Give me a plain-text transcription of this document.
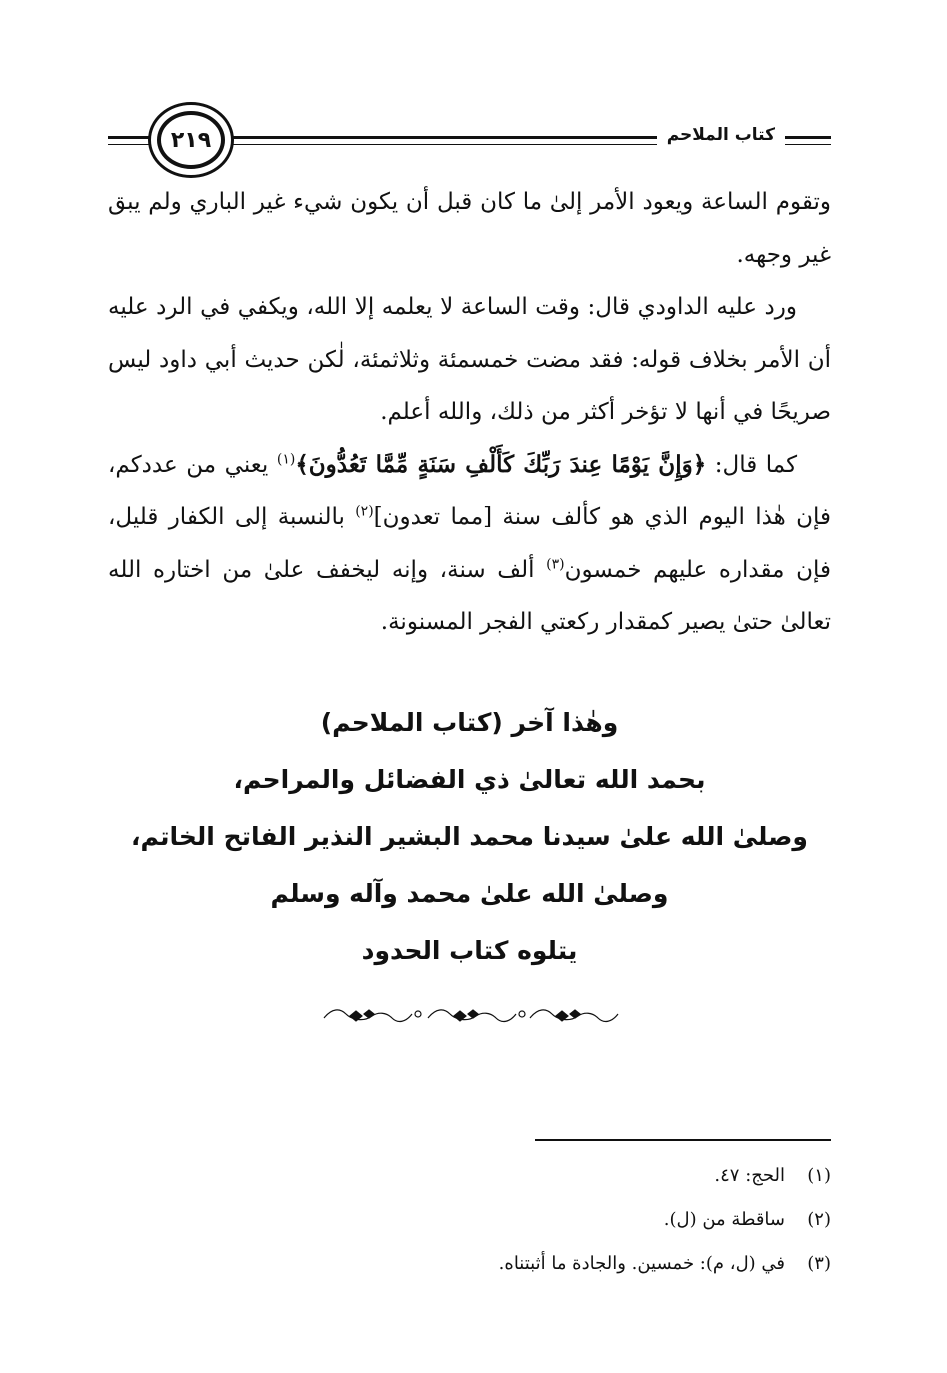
كتاب الملاحم
٢١٩

وتقوم الساعة ويعود الأمر إلىٰ ما كان قبل أن يكون شيء غير الباري ولم يبق غير وجهه.

ورد عليه الداودي قال: وقت الساعة لا يعلمه إلا الله، ويكفي في الرد عليه أن الأمر بخلاف قوله: فقد مضت خمسمئة وثلاثمئة، لٰكن حديث أبي داود ليس صريحًا في أنها لا تؤخر أكثر من ذلك، والله أعلم.

كما قال: ﴿وَإِنَّ يَوْمًا عِندَ رَبِّكَ كَأَلْفِ سَنَةٍ مِّمَّا تَعُدُّونَ﴾$^{(١)}$ يعني من عددكم، فإن هٰذا اليوم الذي هو كألف سنة [مما تعدون]$^{(٢)}$ بالنسبة إلى الكفار قليل، فإن مقداره عليهم خمسون$^{(٣)}$ ألف سنة، وإنه ليخفف علىٰ من اختاره الله تعالىٰ حتىٰ يصير كمقدار ركعتي الفجر المسنونة.

وهٰذا آخر (كتاب الملاحم)
بحمد الله تعالىٰ ذي الفضائل والمراحم،
وصلىٰ الله علىٰ سيدنا محمد البشير النذير الفاتح الخاتم،
وصلىٰ الله علىٰ محمد وآله وسلم
يتلوه كتاب الحدود
(١)الحج: ٤٧.
(٢)ساقطة من (ل).
(٣)في (ل، م): خمسين. والجادة ما أثبتناه.
